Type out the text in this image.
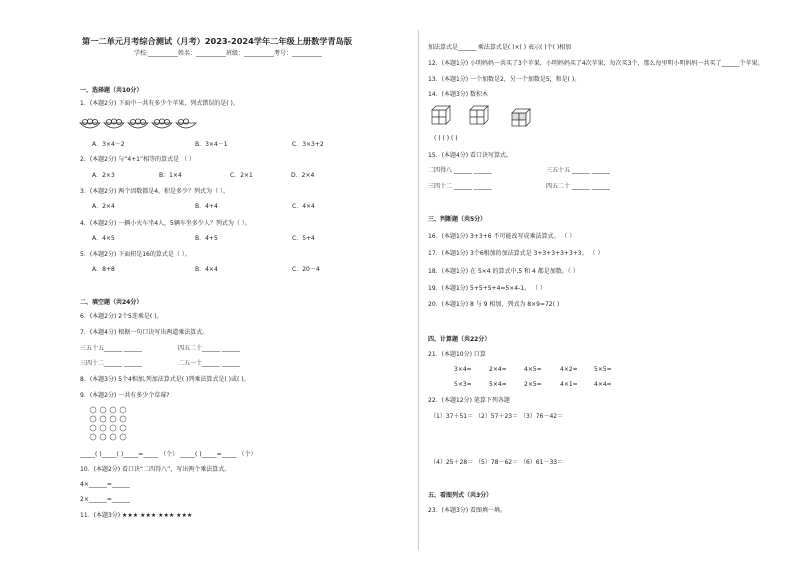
第一二单元月考综合测试（月考）2023-2024学年二年级上册数学青岛版
学校:__________姓名：__________班级：__________考号：__________
一、选择题（共10分）
1．(本题2分) 下面中一共有多少个苹果，列式错误的是( )。
A．3×4－2	B．3×4－1	C．3×3+2
2．(本题2分) 与“4+1”相等的算式是 （ ）
A．2×3	B．1×4	C．2×1	D．2×4
3．(本题2分) 两个因数都是4，积是多少？列式为（ ）。
A．2×4	B．4+4	C．4×4
4．(本题2分) 一辆小火车坐4人，5辆车坐多少人？列式为（ ）。
A．4×5	B．4+5	C．5+4
5．(本题2分) 下面积是16的算式是（ ）。
A．8+8	B．4×4	C．20－4
二、填空题（共24分）
6．(本题2分) 2个5连乘是( )。
7．(本题4分) 根据一句口诀写出两道乘法算式。
三五十五______ ______	四五二十______ ______
三四十二______ ______	二五一十______ ______
8．(本题3分) 5个4相加,列加法算式是( )列乘法算式是( )或( )。
9．(本题2分) 一共有多少个草莓?
_____( )_____( )_____=_____ （个） _____( )_____=_____ （个）
10．(本题2分) 看口诀“二四得八”，写出两个乘法算式。
4×______=______
2×______=______
11．(本题3分) ★★★ ★★★ ★★★ ★★★
加法算式是______ 乘法算式是( )×( ) 表示( )个( )相加
12．(本题1分) 小明妈妈一共买了3个苹果，小明妈妈买了4次苹果，每次买3个，那么每里明小明妈妈一共买了______个苹果。
13．(本题1分) 一个加数是2，另一个加数是5，和是( )。
14．(本题3分) 数积木
( ) ( ) ( )
15．(本题4分) 看口诀写算式。
二四得八 ______ ______	三五十五 ______ ______
三四十二 ______ ______	四五二十 ______ ______
三、判断题（共5分）
16．(本题1分) 3+3+6 不可能改写成乘法算式。 （ ）
17．(本题1分) 3个6相加的加法算式是 3+3+3+3+3+3。 （ ）
18．(本题1分) 在 5×4 的算式中,5 和 4 都是加数。（ ）
19．(本题1分) 5+5+5+4=5×4-1。 （ ）
20．(本题1分) 8 与 9 相加，列式为 8×9=72( )
四、计算题（共22分）
21．(本题10分) 口算
3×4=	2×4=	4×5=	4×2=	5×5=
5×3=	5×4=	2×5=	4×1=	4×4=
22．(本题12分) 笔算下列各题
（1）37＋51＝ （2）57＋23＝ （3）76－42＝
（4）25＋28＝ （5）78－62＝ （6）61－33＝
五、看图列式（共3分）
23．(本题3分) 看图填一填。
